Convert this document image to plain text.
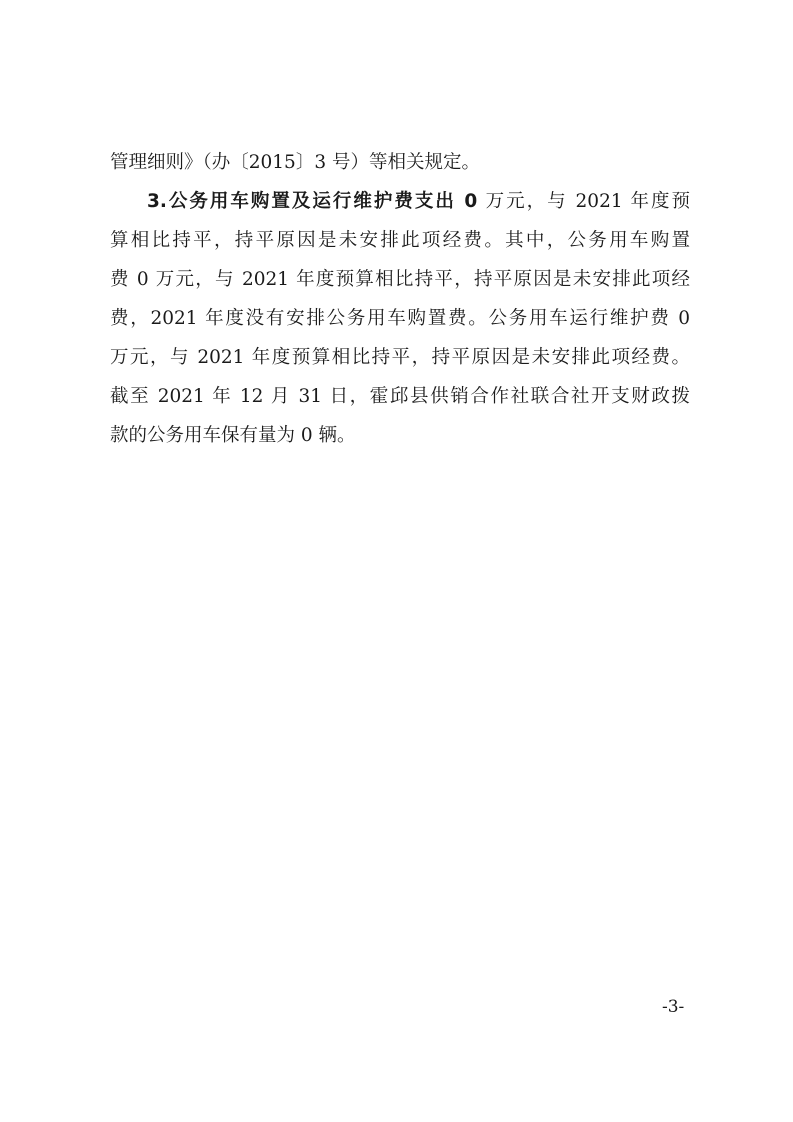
管理细则》（办〔2015〕3 号）等相关规定。
3.公务用车购置及运行维护费支出 0 万元，与 2021 年度预
算相比持平，持平原因是未安排此项经费。其中，公务用车购置
费 0 万元，与 2021 年度预算相比持平，持平原因是未安排此项经
费，2021 年度没有安排公务用车购置费。公务用车运行维护费 0
万元，与 2021 年度预算相比持平，持平原因是未安排此项经费。
截至 2021 年 12 月 31 日，霍邱县供销合作社联合社开支财政拨
款的公务用车保有量为 0 辆。
-3-
